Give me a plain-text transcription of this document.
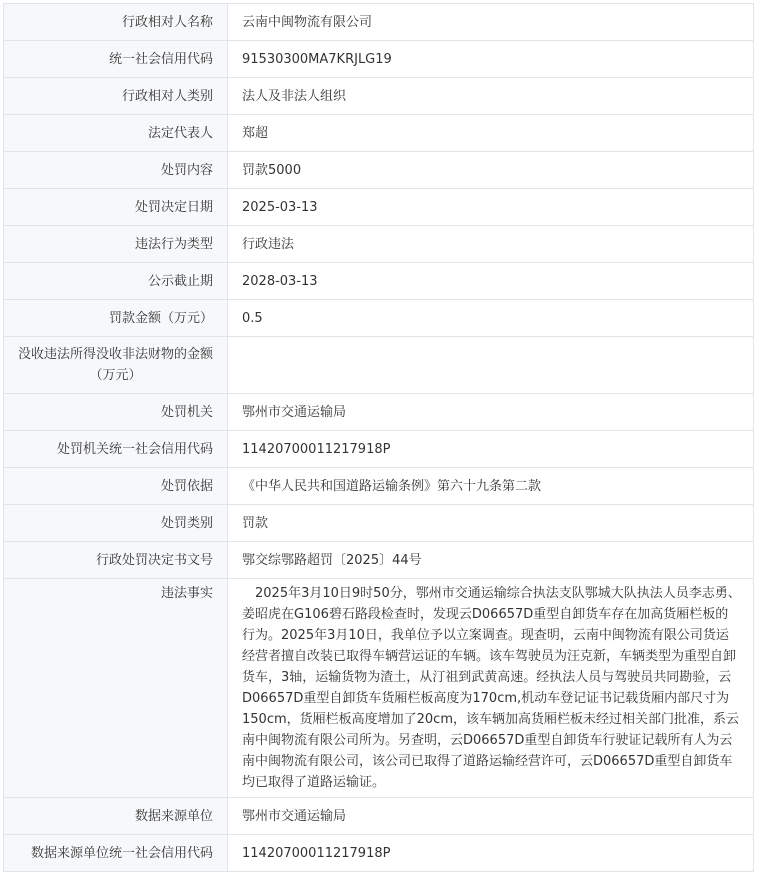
行政相对人名称	云南中闽物流有限公司
统一社会信用代码	91530300MA7KRJLG19
行政相对人类别	法人及非法人组织
法定代表人	郑超
处罚内容	罚款5000
处罚决定日期	2025-03-13
违法行为类型	行政违法
公示截止期	2028-03-13
罚款金额（万元）	0.5
没收违法所得没收非法财物的金额（万元）	
处罚机关	鄂州市交通运输局
处罚机关统一社会信用代码	11420700011217918P
处罚依据	《中华人民共和国道路运输条例》第六十九条第二款
处罚类别	罚款
行政处罚决定书文号	鄂交综鄂路超罚〔2025〕44号
违法事实	　2025年3月10日9时50分，鄂州市交通运输综合执法支队鄂城大队执法人员李志勇、姜昭虎在G106碧石路段检查时，发现云D06657D重型自卸货车存在加高货厢栏板的行为。2025年3月10日，我单位予以立案调查。现查明，云南中闽物流有限公司货运经营者擅自改装已取得车辆营运证的车辆。该车驾驶员为汪克新，车辆类型为重型自卸货车，3轴，运输货物为渣土，从汀祖到武黄高速。经执法人员与驾驶员共同勘验，云D06657D重型自卸货车货厢栏板高度为170cm,机动车登记证书记载货厢内部尺寸为150cm，货厢栏板高度增加了20cm，该车辆加高货厢栏板未经过相关部门批准，系云南中闽物流有限公司所为。另查明，云D06657D重型自卸货车行驶证记载所有人为云南中闽物流有限公司，该公司已取得了道路运输经营许可，云D06657D重型自卸货车均已取得了道路运输证。
数据来源单位	鄂州市交通运输局
数据来源单位统一社会信用代码	11420700011217918P
